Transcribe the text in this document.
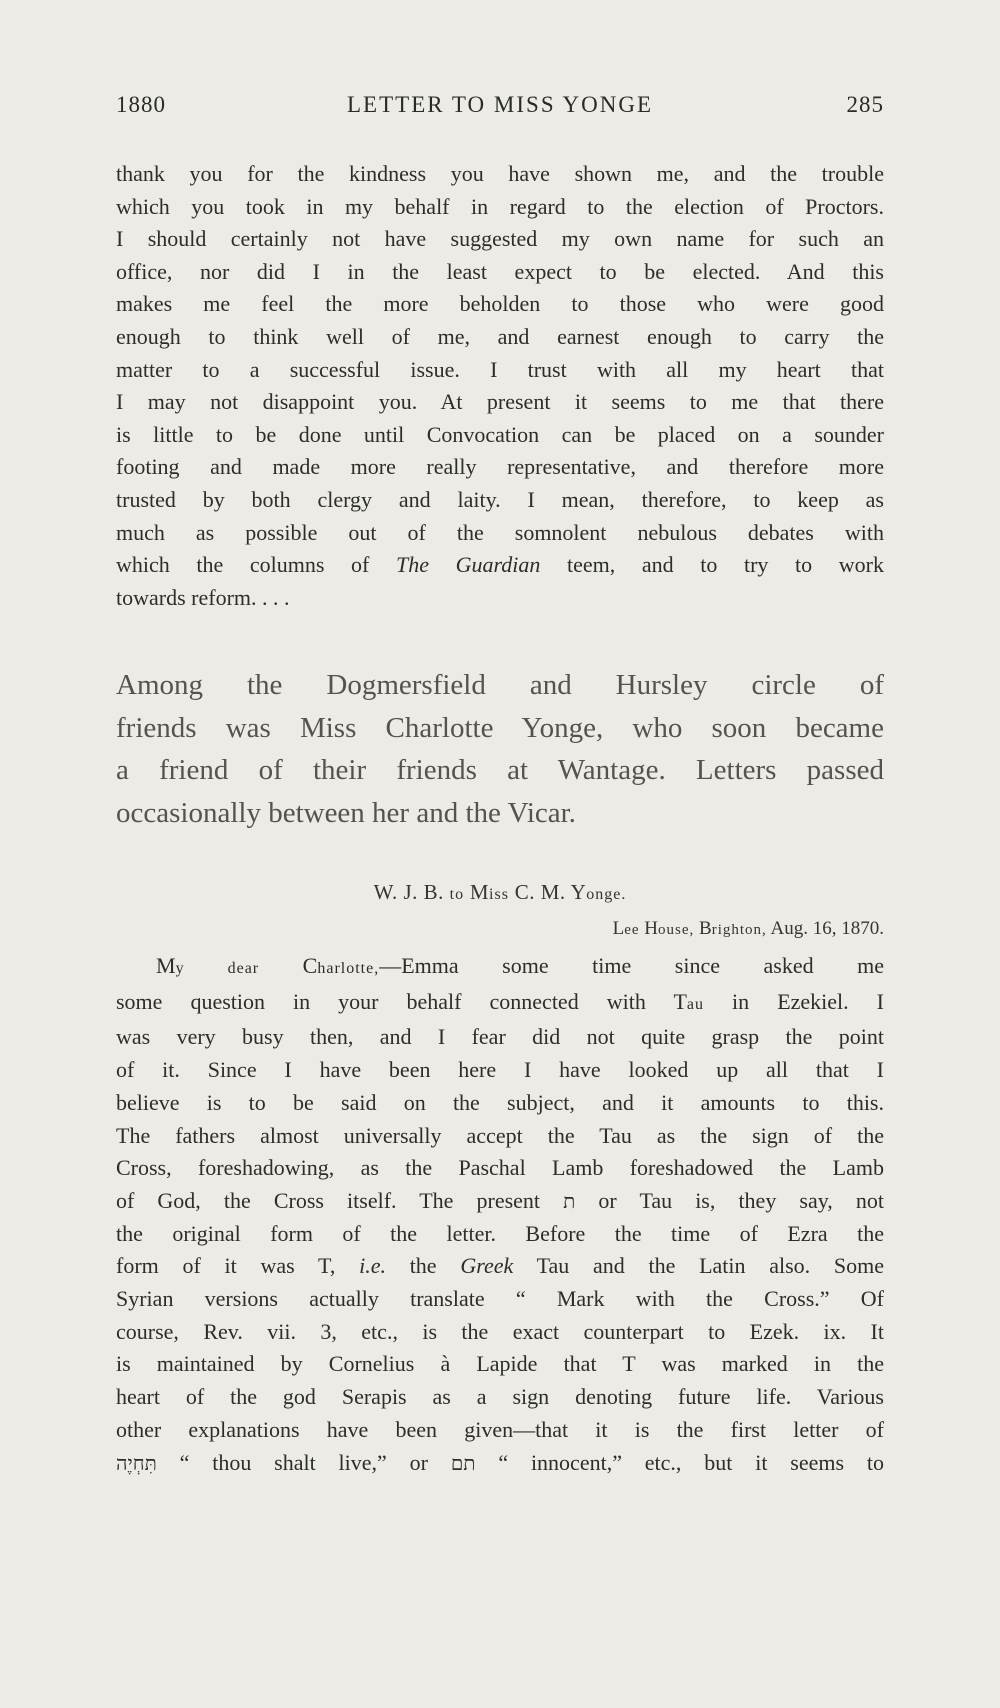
1880	LETTER TO MISS YONGE	285
thank you for the kindness you have shown me, and the trouble
which you took in my behalf in regard to the election of Proctors.
I should certainly not have suggested my own name for such an
office, nor did I in the least expect to be elected. And this
makes me feel the more beholden to those who were good
enough to think well of me, and earnest enough to carry the
matter to a successful issue. I trust with all my heart that
I may not disappoint you. At present it seems to me that there
is little to be done until Convocation can be placed on a sounder
footing and made more really representative, and therefore more
trusted by both clergy and laity. I mean, therefore, to keep as
much as possible out of the somnolent nebulous debates with
which the columns of The Guardian teem, and to try to work
towards reform. . . .
Among the Dogmersfield and Hursley circle of
friends was Miss Charlotte Yonge, who soon became
a friend of their friends at Wantage. Letters passed
occasionally between her and the Vicar.
W. J. B. to Miss C. M. Yonge.
Lee House, Brighton, Aug. 16, 1870.
My dear Charlotte,—Emma some time since asked me
some question in your behalf connected with Tau in Ezekiel. I
was very busy then, and I fear did not quite grasp the point
of it. Since I have been here I have looked up all that I
believe is to be said on the subject, and it amounts to this.
The fathers almost universally accept the Tau as the sign of the
Cross, foreshadowing, as the Paschal Lamb foreshadowed the Lamb
of God, the Cross itself. The present ת or Tau is, they say, not
the original form of the letter. Before the time of Ezra the
form of it was T, i.e. the Greek Tau and the Latin also. Some
Syrian versions actually translate “ Mark with the Cross.” Of
course, Rev. vii. 3, etc., is the exact counterpart to Ezek. ix. It
is maintained by Cornelius à Lapide that T was marked in the
heart of the god Serapis as a sign denoting future life. Various
other explanations have been given—that it is the first letter of
תִּחְיֶה “ thou shalt live,” or תם “ innocent,” etc., but it seems to
